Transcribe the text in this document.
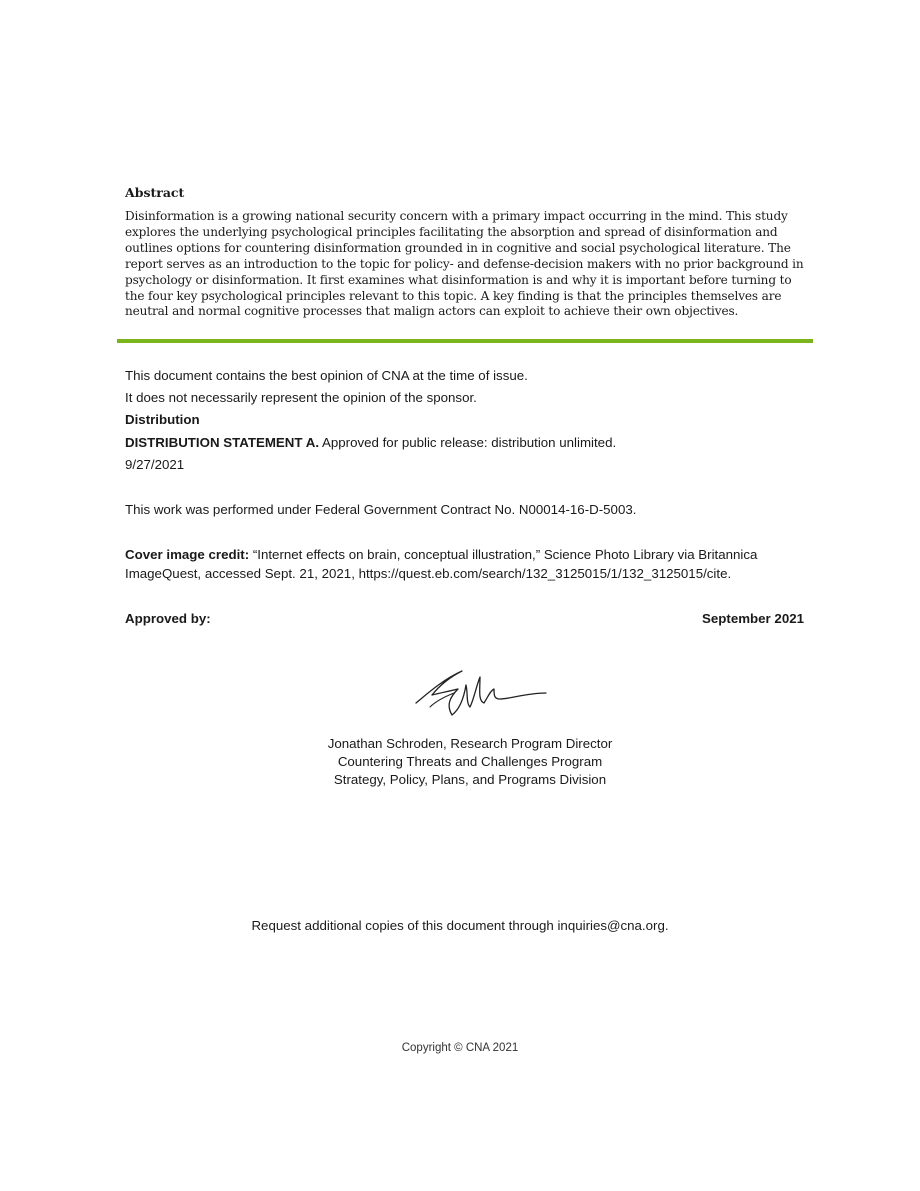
Abstract

Disinformation is a growing national security concern with a primary impact occurring in the mind. This study explores the underlying psychological principles facilitating the absorption and spread of disinformation and outlines options for countering disinformation grounded in in cognitive and social psychological literature. The report serves as an introduction to the topic for policy- and defense-decision makers with no prior background in psychology or disinformation. It first examines what disinformation is and why it is important before turning to the four key psychological principles relevant to this topic. A key finding is that the principles themselves are neutral and normal cognitive processes that malign actors can exploit to achieve their own objectives.

This document contains the best opinion of CNA at the time of issue.
It does not necessarily represent the opinion of the sponsor.
Distribution
DISTRIBUTION STATEMENT A. Approved for public release: distribution unlimited.
9/27/2021
This work was performed under Federal Government Contract No. N00014-16-D-5003.
Cover image credit: “Internet effects on brain, conceptual illustration,” Science Photo Library via Britannica
ImageQuest, accessed Sept. 21, 2021, https://quest.eb.com/search/132_3125015/1/132_3125015/cite.
Approved by:	September 2021
Jonathan Schroden, Research Program Director
Countering Threats and Challenges Program
Strategy, Policy, Plans, and Programs Division
Request additional copies of this document through inquiries@cna.org.
Copyright © CNA 2021
